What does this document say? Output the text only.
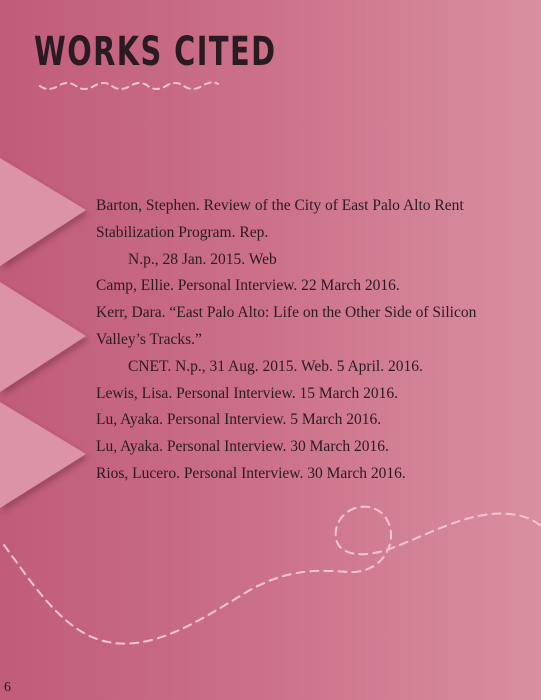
WORKS CITED
Barton, Stephen. Review of the City of East Palo Alto Rent
Stabilization Program. Rep.
N.p., 28 Jan. 2015. Web
Camp, Ellie. Personal Interview. 22 March 2016.
Kerr, Dara. “East Palo Alto: Life on the Other Side of Silicon
Valley’s Tracks.”
CNET. N.p., 31 Aug. 2015. Web. 5 April. 2016.
Lewis, Lisa. Personal Interview. 15 March 2016.
Lu, Ayaka. Personal Interview. 5 March 2016.
Lu, Ayaka. Personal Interview. 30 March 2016.
Rios, Lucero. Personal Interview. 30 March 2016.
6
